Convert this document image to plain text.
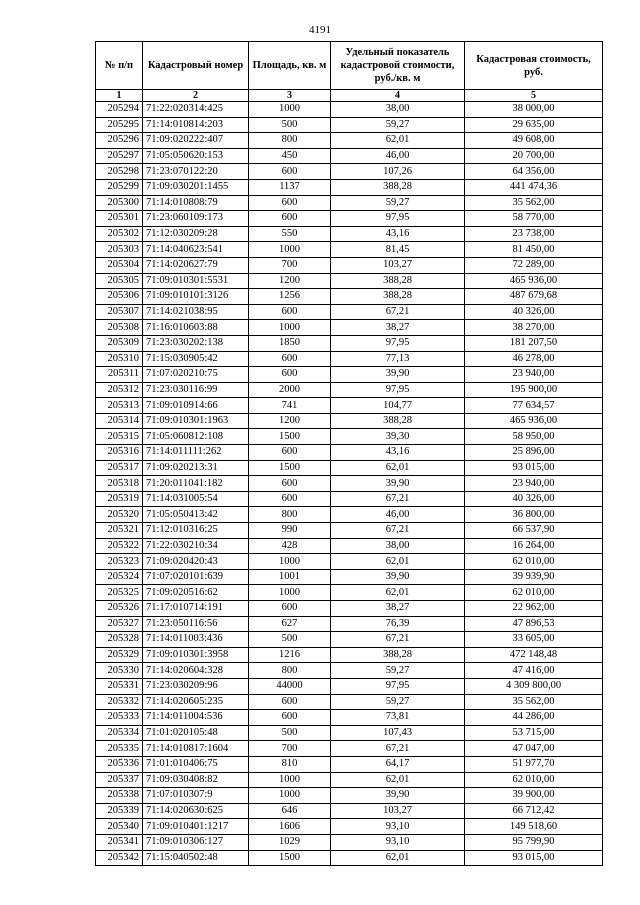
4191
№ п/п	Кадастровый номер	Площадь, кв. м	Удельный показатель кадастровой стоимости, руб./кв. м	Кадастровая стоимость, руб.
1	2	3	4	5
205294	71:22:020314:425	1000	38,00	38 000,00
205295	71:14:010814:203	500	59,27	29 635,00
205296	71:09:020222:407	800	62,01	49 608,00
205297	71:05:050620:153	450	46,00	20 700,00
205298	71:23:070122:20	600	107,26	64 356,00
205299	71:09:030201:1455	1137	388,28	441 474,36
205300	71:14:010808:79	600	59,27	35 562,00
205301	71:23:060109:173	600	97,95	58 770,00
205302	71:12:030209:28	550	43,16	23 738,00
205303	71:14:040623:541	1000	81,45	81 450,00
205304	71:14:020627:79	700	103,27	72 289,00
205305	71:09:010301:5531	1200	388,28	465 936,00
205306	71:09:010101:3126	1256	388,28	487 679,68
205307	71:14:021038:95	600	67,21	40 326,00
205308	71:16:010603:88	1000	38,27	38 270,00
205309	71:23:030202:138	1850	97,95	181 207,50
205310	71:15:030905:42	600	77,13	46 278,00
205311	71:07:020210:75	600	39,90	23 940,00
205312	71:23:030116:99	2000	97,95	195 900,00
205313	71:09:010914:66	741	104,77	77 634,57
205314	71:09:010301:1963	1200	388,28	465 936,00
205315	71:05:060812:108	1500	39,30	58 950,00
205316	71:14:011111:262	600	43,16	25 896,00
205317	71:09:020213:31	1500	62,01	93 015,00
205318	71:20:011041:182	600	39,90	23 940,00
205319	71:14:031005:54	600	67,21	40 326,00
205320	71:05:050413:42	800	46,00	36 800,00
205321	71:12:010316:25	990	67,21	66 537,90
205322	71:22:030210:34	428	38,00	16 264,00
205323	71:09:020420:43	1000	62,01	62 010,00
205324	71:07:020101:639	1001	39,90	39 939,90
205325	71:09:020516:62	1000	62,01	62 010,00
205326	71:17:010714:191	600	38,27	22 962,00
205327	71:23:050116:56	627	76,39	47 896,53
205328	71:14:011003:436	500	67,21	33 605,00
205329	71:09:010301:3958	1216	388,28	472 148,48
205330	71:14:020604:328	800	59,27	47 416,00
205331	71:23:030209:96	44000	97,95	4 309 800,00
205332	71:14:020605:235	600	59,27	35 562,00
205333	71:14:011004:536	600	73,81	44 286,00
205334	71:01:020105:48	500	107,43	53 715,00
205335	71:14:010817:1604	700	67,21	47 047,00
205336	71:01:010406:75	810	64,17	51 977,70
205337	71:09:030408:82	1000	62,01	62 010,00
205338	71:07:010307:9	1000	39,90	39 900,00
205339	71:14:020630:625	646	103,27	66 712,42
205340	71:09:010401:1217	1606	93,10	149 518,60
205341	71:09:010306:127	1029	93,10	95 799,90
205342	71:15:040502:48	1500	62,01	93 015,00
